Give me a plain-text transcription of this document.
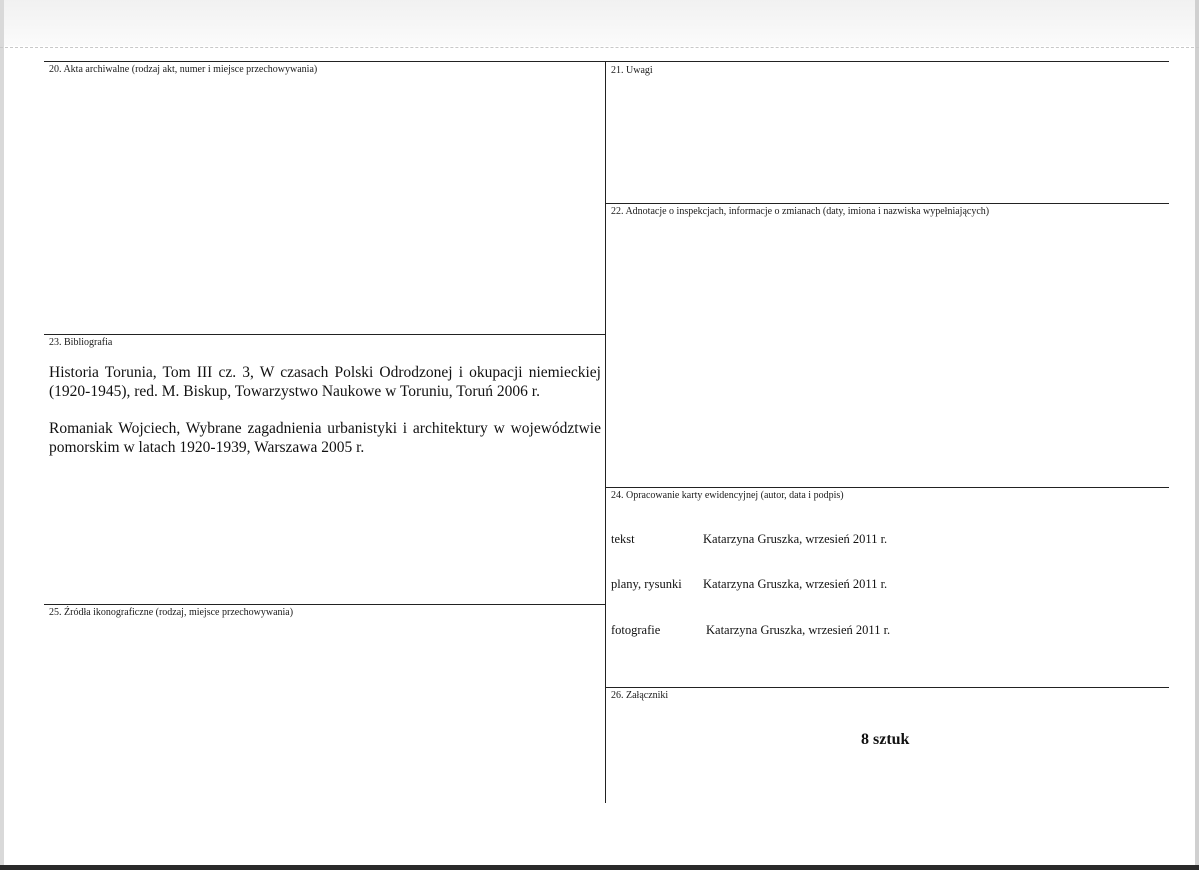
20. Akta archiwalne (rodzaj akt, numer i miejsce przechowywania)	21. Uwagi
22. Adnotacje o inspekcjach, informacje o zmianach (daty, imiona i nazwiska wypełniających)
23. Bibliografia

Historia Torunia, Tom III cz. 3, W czasach Polski Odrodzonej i okupacji niemieckiej (1920-1945), red. M. Biskup, Towarzystwo Naukowe w Toruniu, Toruń 2006 r.

Romaniak Wojciech, Wybrane zagadnienia urbanistyki i architektury w województwie pomorskim w latach 1920-1939, Warszawa 2005 r.

24. Opracowanie karty ewidencyjnej (autor, data i podpis)
tekst	Katarzyna Gruszka, wrzesień 2011 r.
plany, rysunki Katarzyna Gruszka, wrzesień 2011 r.
fotografie	Katarzyna Gruszka, wrzesień 2011 r.
25. Źródła ikonograficzne (rodzaj, miejsce przechowywania)
26. Załączniki
8 sztuk
